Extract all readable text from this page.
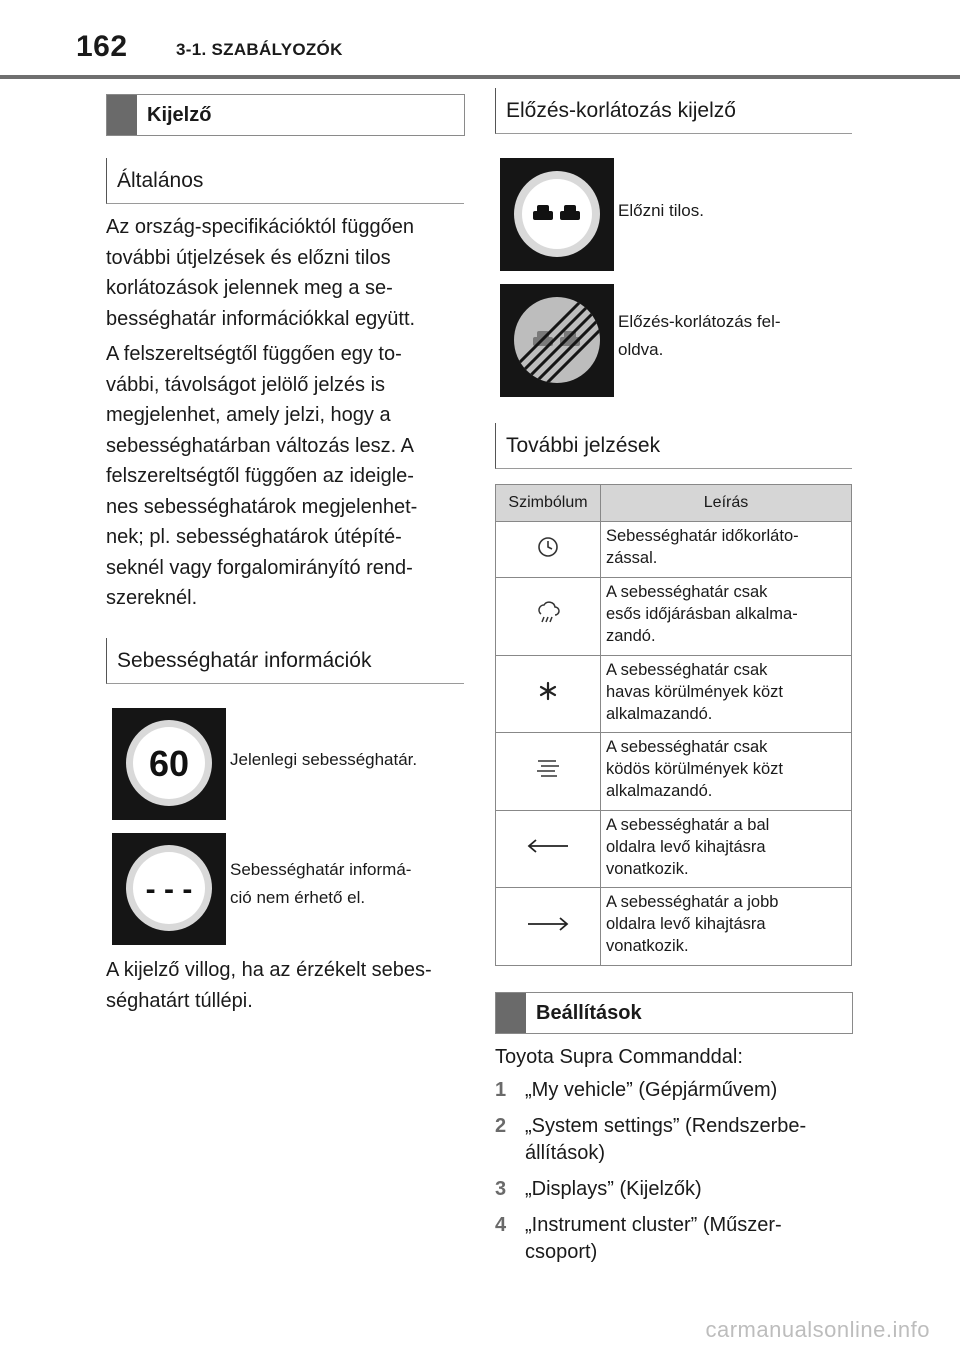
162	3-1. SZABÁLYOZÓK
Kijelző
Általános

Az ország-specifikációktól függően
további útjelzések és előzni tilos
korlátozások jelennek meg a se-
bességhatár információkkal együtt.

A felszereltségtől függően egy to-
vábbi, távolságot jelölő jelzés is
megjelenhet, amely jelzi, hogy a
sebességhatárban változás lesz. A
felszereltségtől függően az ideigle-
nes sebességhatárok megjelenhet-
nek; pl. sebességhatárok útépíté-
seknél vagy forgalomirányító rend-
szereknél.

Sebességhatár információk
60 Jelenlegi sebességhatár.
- - -
Sebességhatár informá-
ció nem érhető el.

A kijelző villog, ha az érzékelt sebes-
séghatárt túllépi.

Előzés-korlátozás kijelző
Előzni tilos.
Előzés-korlátozás fel-
oldva.
További jelzések
Szimbólum	Leírás
	Sebességhatár időkorláto-
zással.
	A sebességhatár csak
esős időjárásban alkalma-
zandó.
	A sebességhatár csak
havas körülmények közt
alkalmazandó.
	A sebességhatár csak
ködös körülmények közt
alkalmazandó.
	A sebességhatár a bal
oldalra levő kihajtásra
vonatkozik.
	A sebességhatár a jobb
oldalra levő kihajtásra
vonatkozik.
Beállítások
Toyota Supra Commanddal:
1 „My vehicle” (Gépjárművem)
2 „System settings” (Rendszerbe-
állítások)
3 „Displays” (Kijelzők)
4 „Instrument cluster” (Műszer-
csoport)
carmanualsonline.info
